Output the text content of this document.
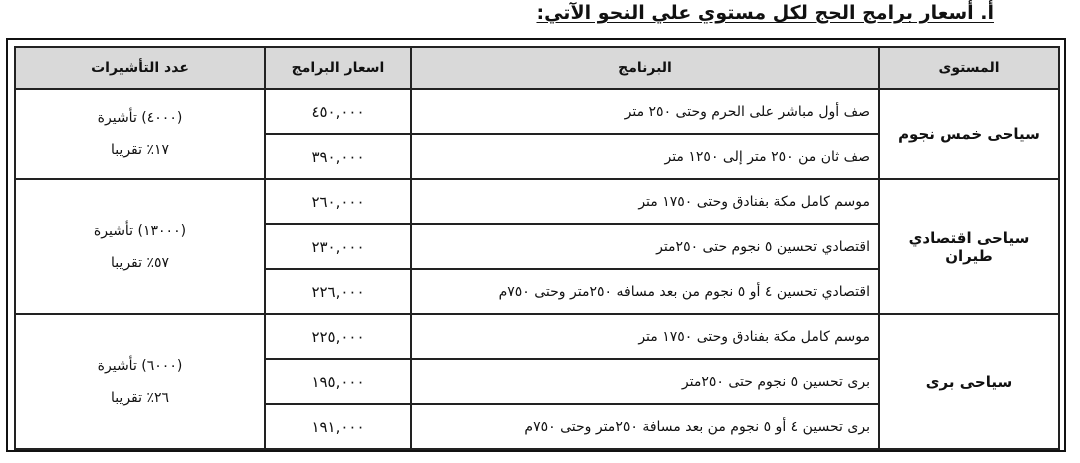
أ. أسعار برامج الحج لكل مستوي علي النحو الآتي:
المستوى	البرنامج	اسعار البرامج	عدد التأشيرات
سياحى خمس نجوم	صف أول مباشر على الحرم وحتى ٢٥٠ متر	٤٥٠,٠٠٠	(٤٠٠٠) تأشيرة
١٧٪ تقريبا

	صف ثان من ٢٥٠ متر إلى ١٢٥٠ متر	٣٩٠,٠٠٠	
سياحى اقتصادي طيران	موسم كامل مكة بفنادق وحتى ١٧٥٠ متر	٢٦٠,٠٠٠	(١٣٠٠٠) تأشيرة
٥٧٪ تقريبا

	اقتصادي تحسين ٥ نجوم حتى ٢٥٠متر	٢٣٠,٠٠٠	
	اقتصادي تحسين ٤ أو ٥ نجوم من بعد مسافه ٢٥٠متر وحتى ٧٥٠م	٢٢٦,٠٠٠	
سياحى برى	موسم كامل مكة بفنادق وحتى ١٧٥٠ متر	٢٢٥,٠٠٠	(٦٠٠٠) تأشيرة
٢٦٪ تقريبا

	برى تحسين ٥ نجوم حتى ٢٥٠متر	١٩٥,٠٠٠	
	برى تحسين ٤ أو ٥ نجوم من بعد مسافة ٢٥٠متر وحتى ٧٥٠م	١٩١,٠٠٠	
